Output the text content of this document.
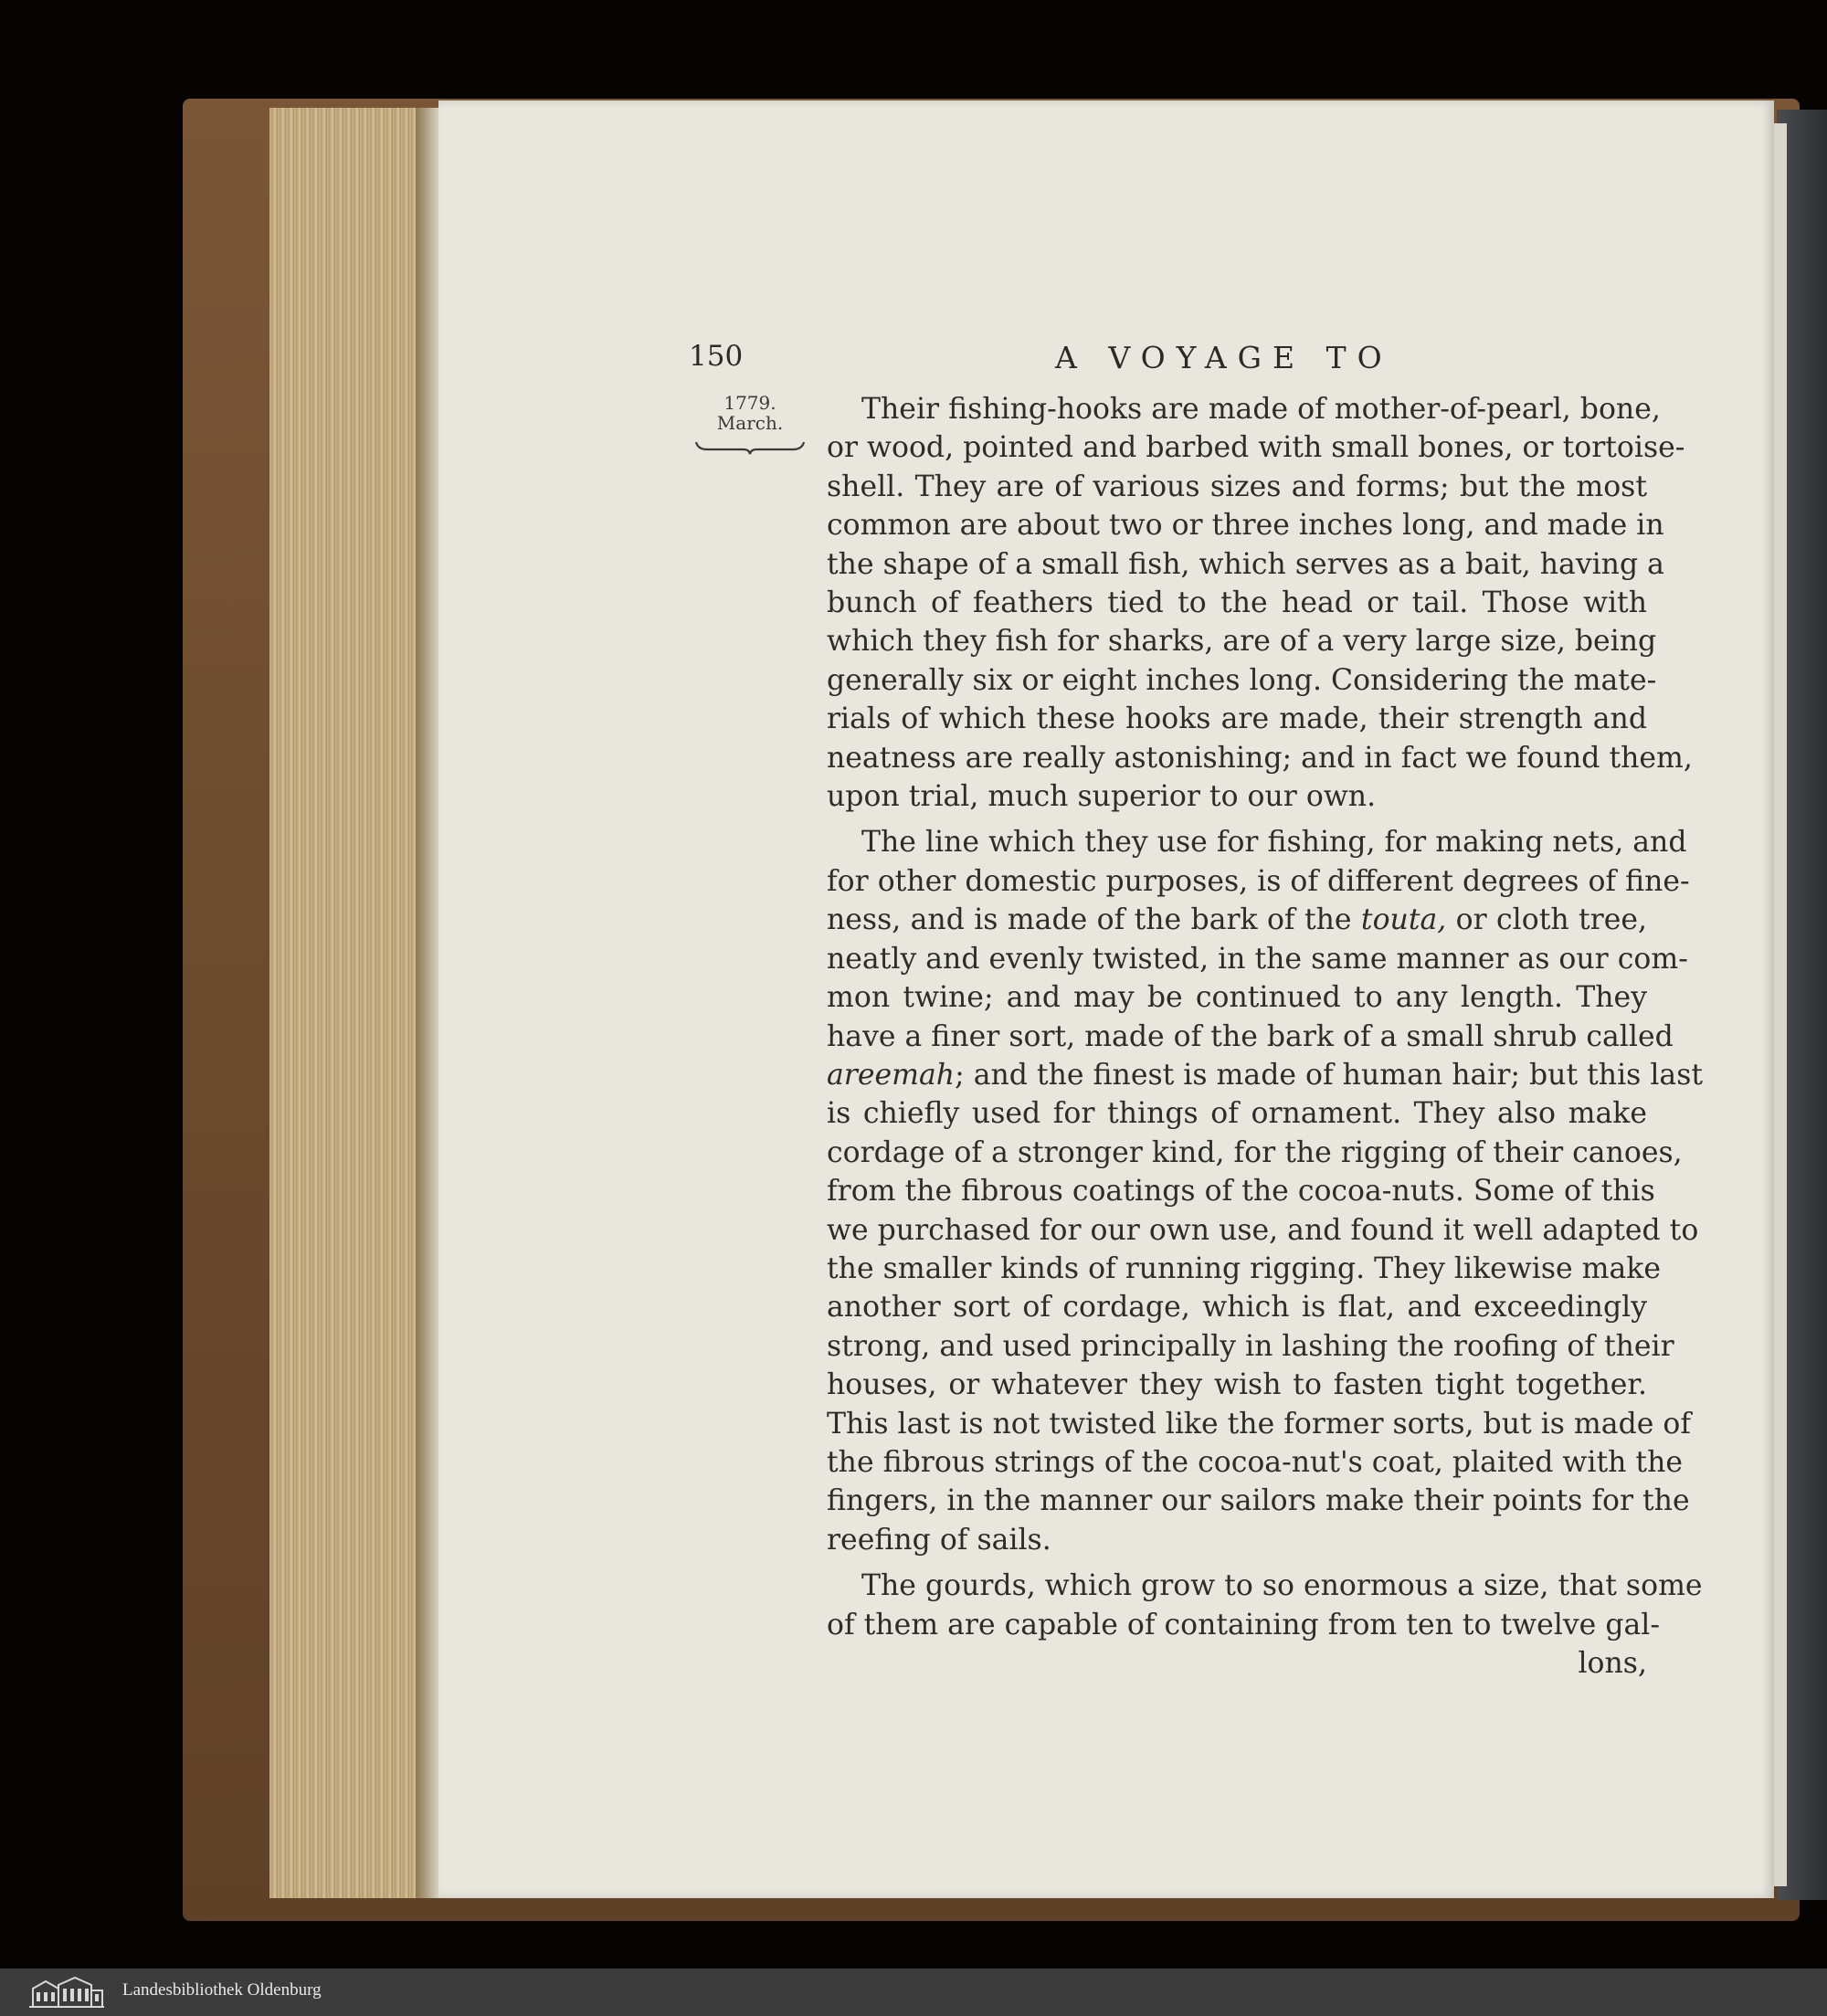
150	A VOYAGE TO

1779.
March.	Their fishing-hooks are made of mother-of-pearl, bone,
or wood, pointed and barbed with small bones, or tortoise-
shell. They are of various sizes and forms; but the most
common are about two or three inches long, and made in
the shape of a small fish, which serves as a bait, having a
bunch of feathers tied to the head or tail. Those with
which they fish for sharks, are of a very large size, being
generally six or eight inches long. Considering the mate-
rials of which these hooks are made, their strength and
neatness are really astonishing; and in fact we found them,
upon trial, much superior to our own.

The line which they use for fishing, for making nets, and
for other domestic purposes, is of different degrees of fine-
ness, and is made of the bark of the touta, or cloth tree,
neatly and evenly twisted, in the same manner as our com-
mon twine; and may be continued to any length. They
have a finer sort, made of the bark of a small shrub called
areemah; and the finest is made of human hair; but this last
is chiefly used for things of ornament. They also make
cordage of a stronger kind, for the rigging of their canoes,
from the fibrous coatings of the cocoa-nuts. Some of this
we purchased for our own use, and found it well adapted to
the smaller kinds of running rigging. They likewise make
another sort of cordage, which is flat, and exceedingly
strong, and used principally in lashing the roofing of their
houses, or whatever they wish to fasten tight together.
This last is not twisted like the former sorts, but is made of
the fibrous strings of the cocoa-nut's coat, plaited with the
fingers, in the manner our sailors make their points for the
reefing of sails.

The gourds, which grow to so enormous a size, that some
of them are capable of containing from ten to twelve gal-
lons,

Landesbibliothek Oldenburg
